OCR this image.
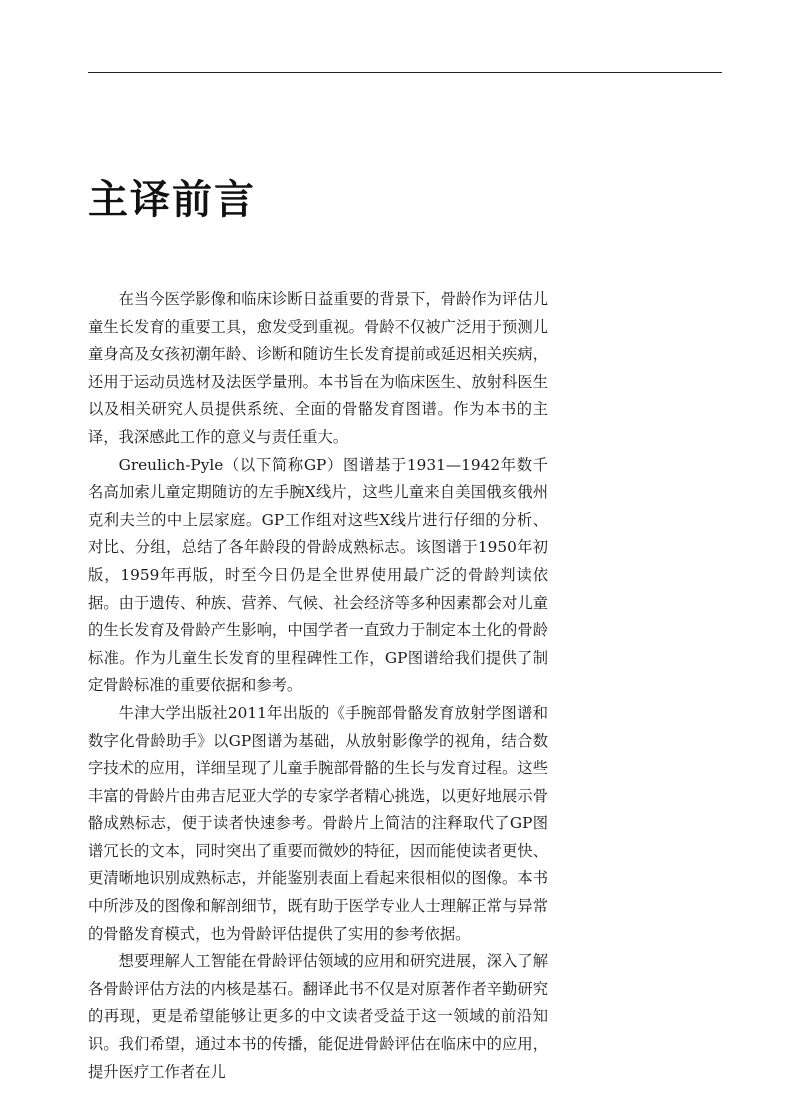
主译前言

在当今医学影像和临床诊断日益重要的背景下，骨龄作为评估儿童生长发育的重要工具，愈发受到重视。骨龄不仅被广泛用于预测儿童身高及女孩初潮年龄、诊断和随访生长发育提前或延迟相关疾病，还用于运动员选材及法医学量刑。本书旨在为临床医生、放射科医生以及相关研究人员提供系统、全面的骨骼发育图谱。作为本书的主译，我深感此工作的意义与责任重大。

Greulich-Pyle（以下简称GP）图谱基于1931—1942年数千名高加索儿童定期随访的左手腕X线片，这些儿童来自美国俄亥俄州克利夫兰的中上层家庭。GP工作组对这些X线片进行仔细的分析、对比、分组，总结了各年龄段的骨龄成熟标志。该图谱于1950年初版，1959年再版，时至今日仍是全世界使用最广泛的骨龄判读依据。由于遗传、种族、营养、气候、社会经济等多种因素都会对儿童的生长发育及骨龄产生影响，中国学者一直致力于制定本土化的骨龄标准。作为儿童生长发育的里程碑性工作，GP图谱给我们提供了制定骨龄标准的重要依据和参考。

牛津大学出版社2011年出版的《手腕部骨骼发育放射学图谱和数字化骨龄助手》以GP图谱为基础，从放射影像学的视角，结合数字技术的应用，详细呈现了儿童手腕部骨骼的生长与发育过程。这些丰富的骨龄片由弗吉尼亚大学的专家学者精心挑选，以更好地展示骨骼成熟标志，便于读者快速参考。骨龄片上简洁的注释取代了GP图谱冗长的文本，同时突出了重要而微妙的特征，因而能使读者更快、更清晰地识别成熟标志，并能鉴别表面上看起来很相似的图像。本书中所涉及的图像和解剖细节，既有助于医学专业人士理解正常与异常的骨骼发育模式，也为骨龄评估提供了实用的参考依据。

想要理解人工智能在骨龄评估领域的应用和研究进展，深入了解各骨龄评估方法的内核是基石。翻译此书不仅是对原著作者辛勤研究的再现，更是希望能够让更多的中文读者受益于这一领域的前沿知识。我们希望，通过本书的传播，能促进骨龄评估在临床中的应用，提升医疗工作者在儿
